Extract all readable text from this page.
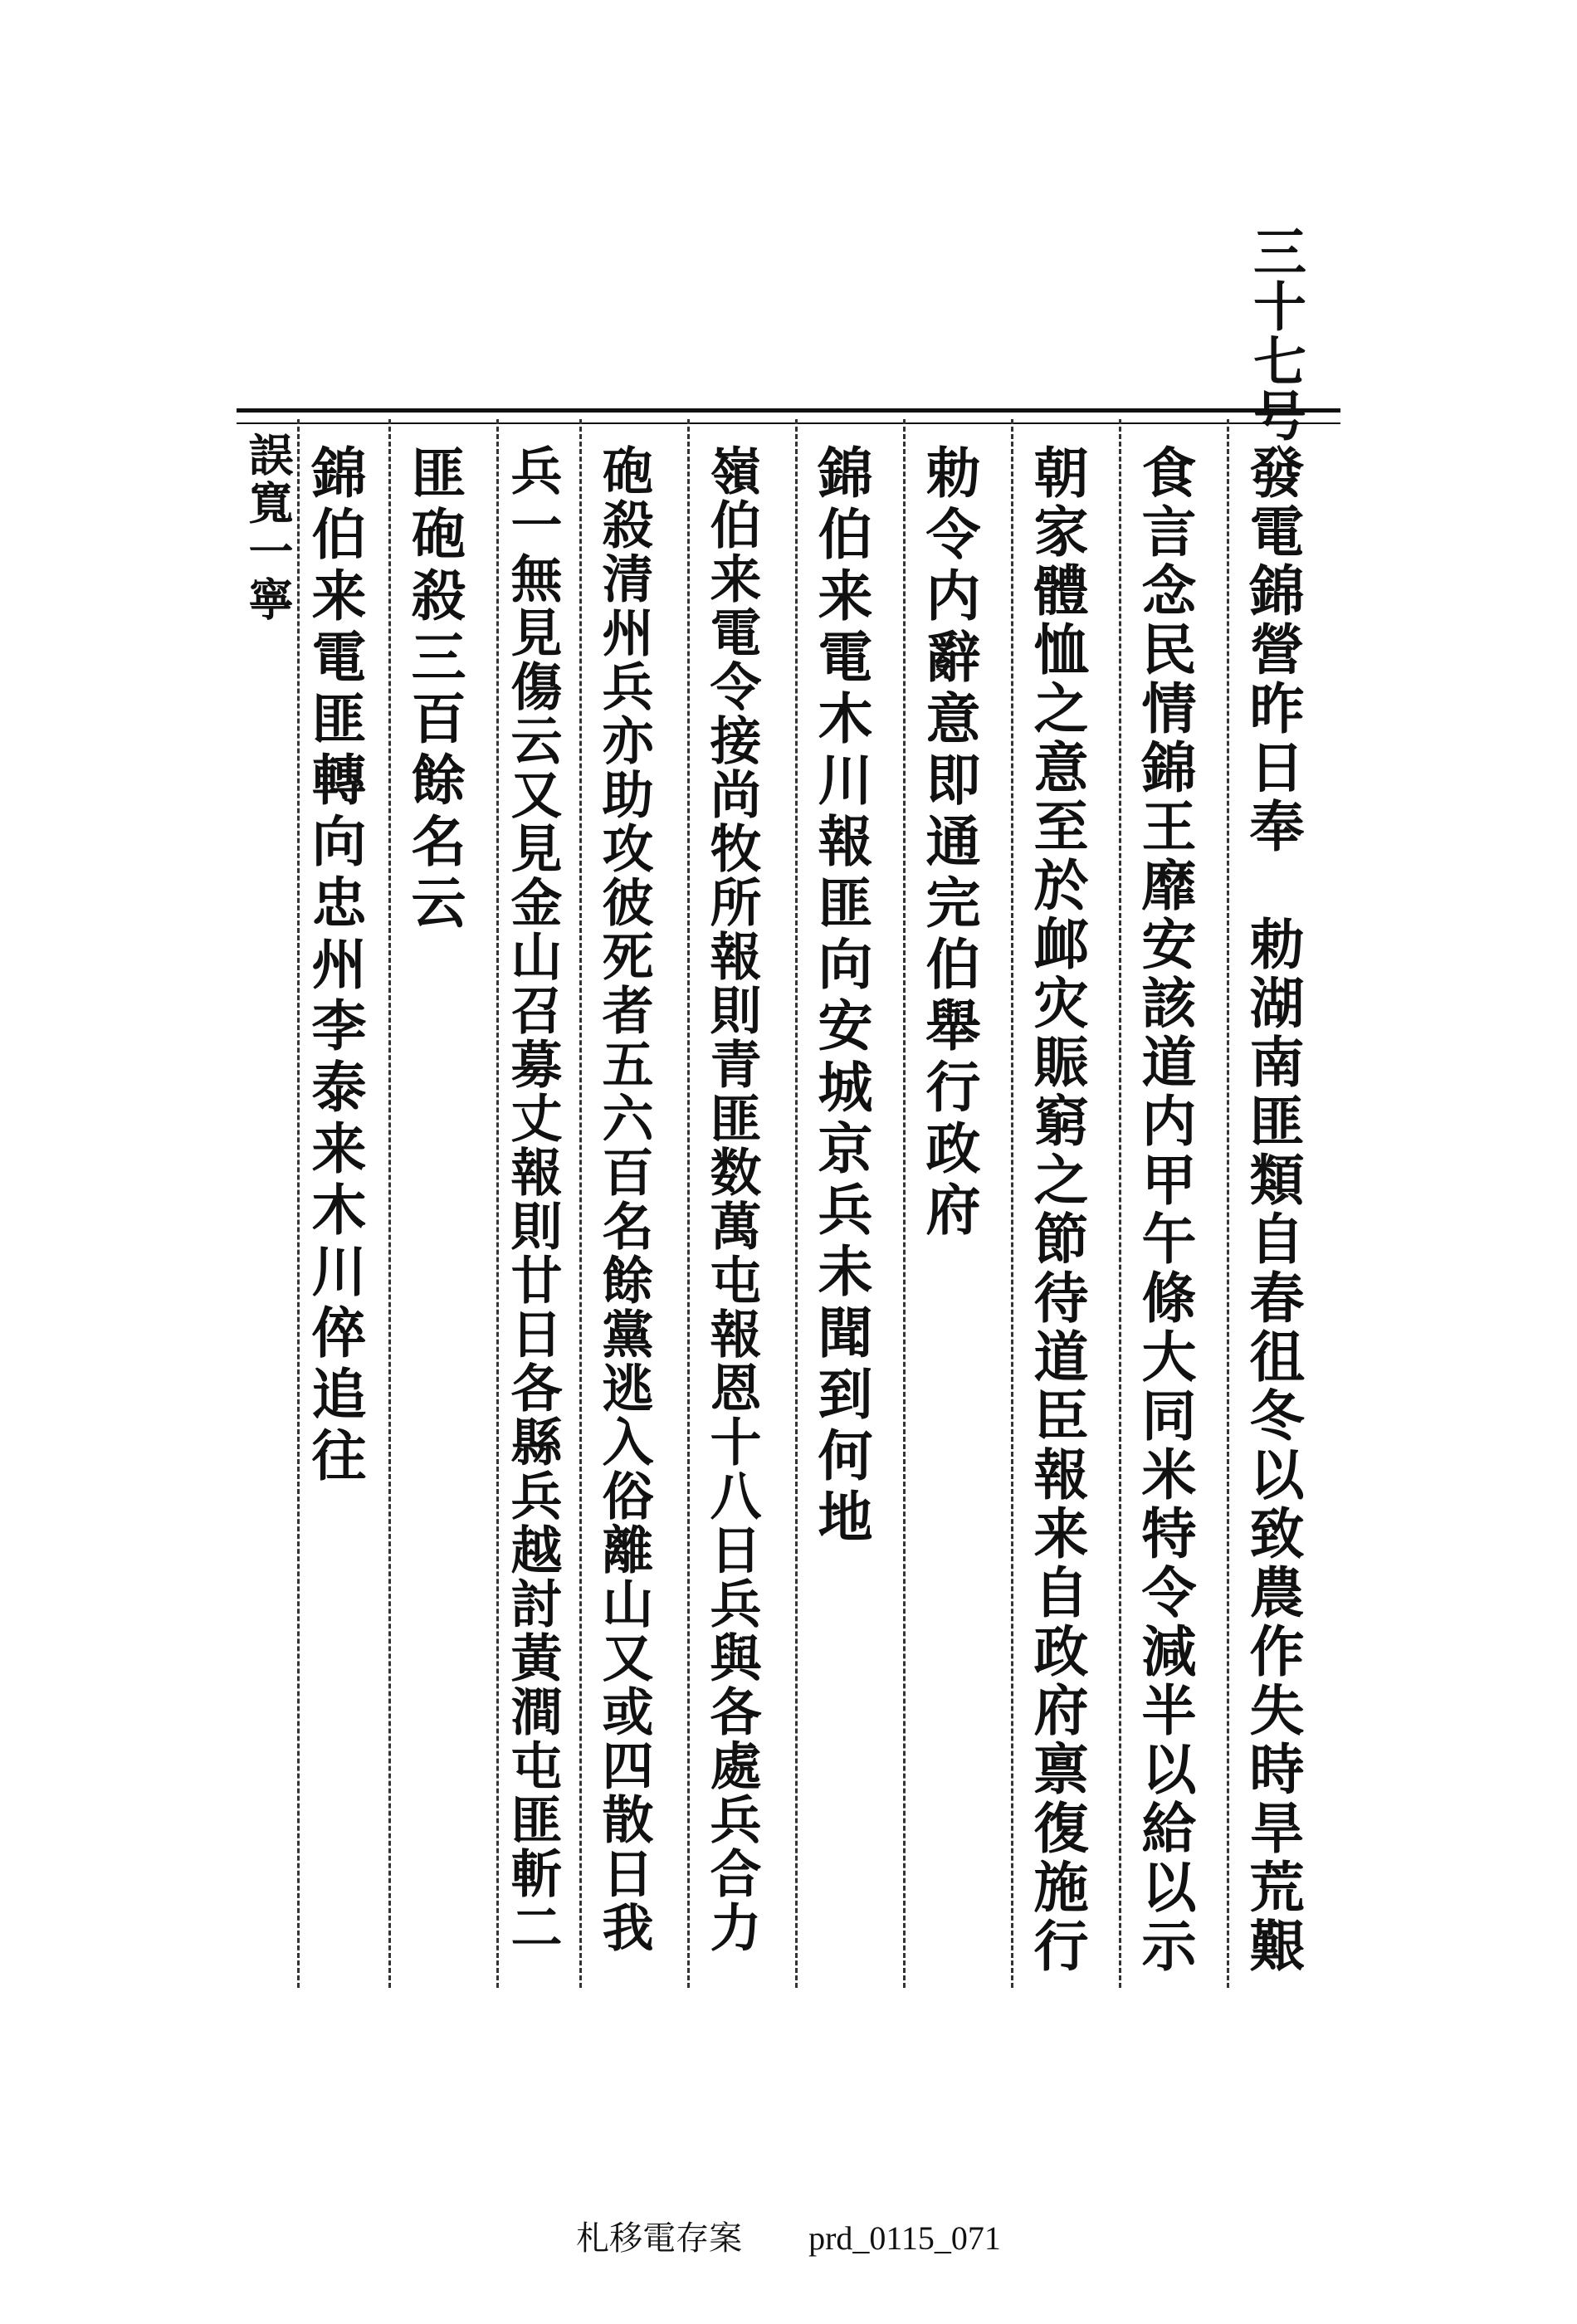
三十七号
發電錦營昨日奉　勅湖南匪類自春徂冬以致農作失時旱荒艱
食言念民情錦王靡安該道内甲午條大同米特令減半以給以示
朝家體恤之意至於䘏灾賑窮之節待道臣報来自政府禀復施行
勅令内辭意即通完伯舉行政府
錦伯来電木川報匪向安城京兵未聞到何地
嶺伯来電令接尚牧所報則青匪数萬屯報恩十八日兵與各處兵合力
砲殺清州兵亦助攻彼死者五六百名餘黨逃入俗離山又或四散日我
兵一無見傷云又見金山召募丈報則廿日各縣兵越討黃澗屯匪斬二
匪砲殺三百餘名云
錦伯来電匪轉向忠州李泰来木川倅追往
誤寬一寧
札移電存案 prd_0115_071
